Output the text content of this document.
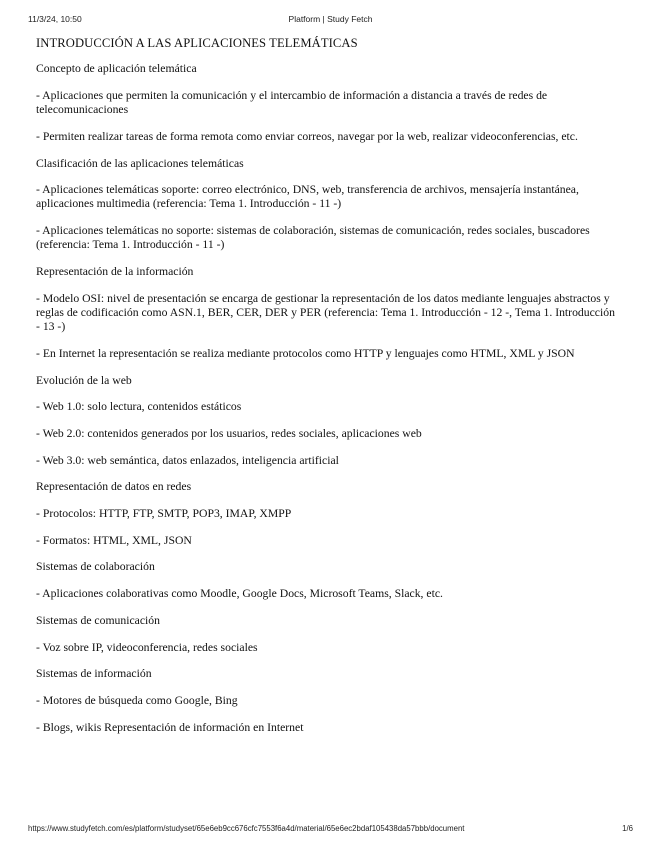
11/3/24, 10:50	Platform | Study Fetch

INTRODUCCIÓN A LAS APLICACIONES TELEMÁTICAS

Concepto de aplicación telemática

- Aplicaciones que permiten la comunicación y el intercambio de información a distancia a través de redes de telecomunicaciones

- Permiten realizar tareas de forma remota como enviar correos, navegar por la web, realizar videoconferencias, etc.

Clasificación de las aplicaciones telemáticas

- Aplicaciones telemáticas soporte: correo electrónico, DNS, web, transferencia de archivos, mensajería instantánea, aplicaciones multimedia (referencia: Tema 1. Introducción - 11 -)

- Aplicaciones telemáticas no soporte: sistemas de colaboración, sistemas de comunicación, redes sociales, buscadores (referencia: Tema 1. Introducción - 11 -)

Representación de la información

- Modelo OSI: nivel de presentación se encarga de gestionar la representación de los datos mediante lenguajes abstractos y reglas de codificación como ASN.1, BER, CER, DER y PER (referencia: Tema 1. Introducción - 12 -, Tema 1. Introducción - 13 -)

- En Internet la representación se realiza mediante protocolos como HTTP y lenguajes como HTML, XML y JSON

Evolución de la web

- Web 1.0: solo lectura, contenidos estáticos

- Web 2.0: contenidos generados por los usuarios, redes sociales, aplicaciones web

- Web 3.0: web semántica, datos enlazados, inteligencia artificial

Representación de datos en redes

- Protocolos: HTTP, FTP, SMTP, POP3, IMAP, XMPP

- Formatos: HTML, XML, JSON

Sistemas de colaboración

- Aplicaciones colaborativas como Moodle, Google Docs, Microsoft Teams, Slack, etc.

Sistemas de comunicación

- Voz sobre IP, videoconferencia, redes sociales

Sistemas de información

- Motores de búsqueda como Google, Bing

- Blogs, wikis Representación de información en Internet

https://www.studyfetch.com/es/platform/studyset/65e6eb9cc676cfc7553f6a4d/material/65e6ec2bdaf105438da57bbb/document	1/6
